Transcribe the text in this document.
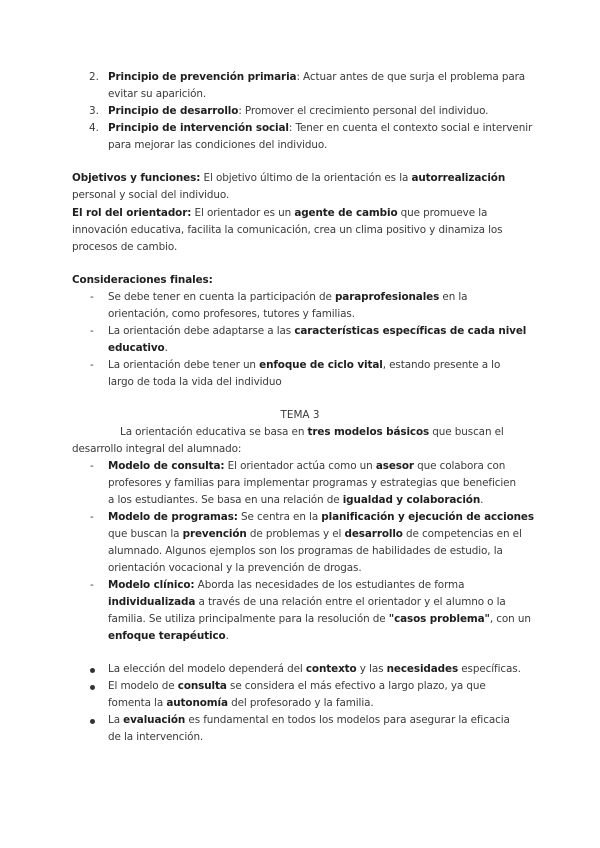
2. Principio de prevención primaria: Actuar antes de que surja el problema para
evitar su aparición.
3. Principio de desarrollo: Promover el crecimiento personal del individuo.
4. Principio de intervención social: Tener en cuenta el contexto social e intervenir
para mejorar las condiciones del individuo.
Objetivos y funciones: El objetivo último de la orientación es la autorrealización
personal y social del individuo.
El rol del orientador: El orientador es un agente de cambio que promueve la
innovación educativa, facilita la comunicación, crea un clima positivo y dinamiza los
procesos de cambio.
Consideraciones finales:
- Se debe tener en cuenta la participación de paraprofesionales en la
orientación, como profesores, tutores y familias.
- La orientación debe adaptarse a las características específicas de cada nivel
educativo.
- La orientación debe tener un enfoque de ciclo vital, estando presente a lo
largo de toda la vida del individuo
TEMA 3
La orientación educativa se basa en tres modelos básicos que buscan el
desarrollo integral del alumnado:
- Modelo de consulta: El orientador actúa como un asesor que colabora con
profesores y familias para implementar programas y estrategias que beneficien
a los estudiantes. Se basa en una relación de igualdad y colaboración.
- Modelo de programas: Se centra en la planificación y ejecución de acciones
que buscan la prevención de problemas y el desarrollo de competencias en el
alumnado. Algunos ejemplos son los programas de habilidades de estudio, la
orientación vocacional y la prevención de drogas.
- Modelo clínico: Aborda las necesidades de los estudiantes de forma
individualizada a través de una relación entre el orientador y el alumno o la
familia. Se utiliza principalmente para la resolución de "casos problema", con un
enfoque terapéutico.
La elección del modelo dependerá del contexto y las necesidades específicas.
El modelo de consulta se considera el más efectivo a largo plazo, ya que
fomenta la autonomía del profesorado y la familia.
La evaluación es fundamental en todos los modelos para asegurar la eficacia
de la intervención.
